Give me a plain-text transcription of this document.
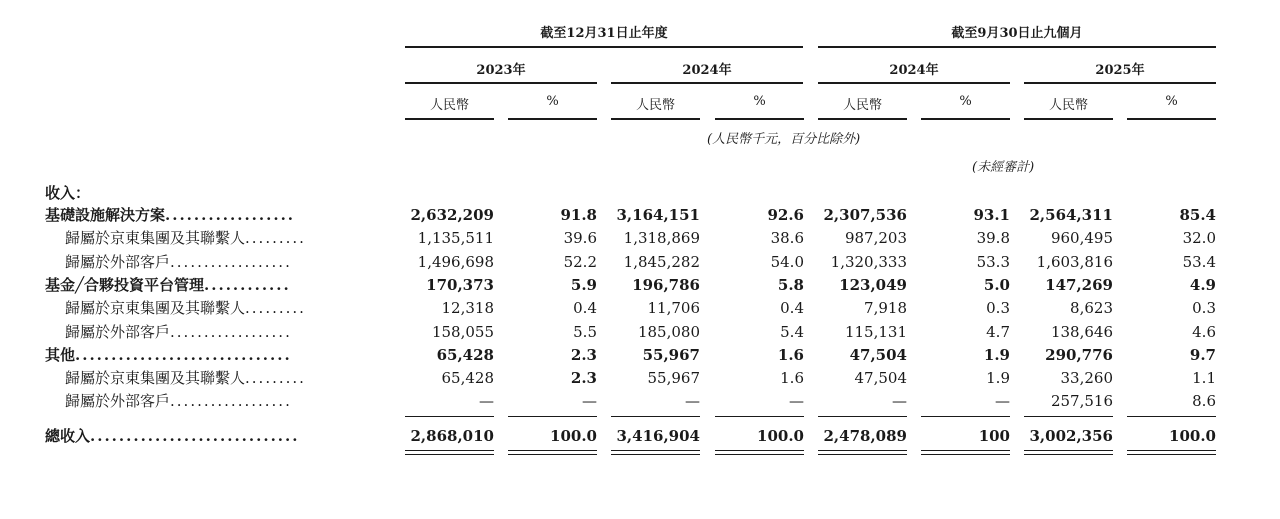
截至12月31日止年度	截至9月30日止九個月
2023年	2024年	2024年	2025年
人民幣	%	人民幣	%	人民幣	%	人民幣	%
(人民幣千元，百分比除外)
(未經審計)
收入：
基礎設施解決方案..................	2,632,209	91.8	3,164,151	92.6	2,307,536	93.1	2,564,311	85.4
歸屬於京東集團及其聯繫人.........	1,135,511	39.6	1,318,869	38.6	987,203	39.8	960,495	32.0
歸屬於外部客戶..................	1,496,698	52.2	1,845,282	54.0	1,320,333	53.3	1,603,816	53.4
基金╱合夥投資平台管理............	170,373	5.9	196,786	5.8	123,049	5.0	147,269	4.9
歸屬於京東集團及其聯繫人.........	12,318	0.4	11,706	0.4	7,918	0.3	8,623	0.3
歸屬於外部客戶..................	158,055	5.5	185,080	5.4	115,131	4.7	138,646	4.6
其他..............................	65,428	2.3	55,967	1.6	47,504	1.9	290,776	9.7
歸屬於京東集團及其聯繫人.........	65,428	2.3	55,967	1.6	47,504	1.9	33,260	1.1
歸屬於外部客戶..................	—	—	—	—	—	—	257,516	8.6
總收入.............................	2,868,010	100.0	3,416,904	100.0	2,478,089	100	3,002,356	100.0
